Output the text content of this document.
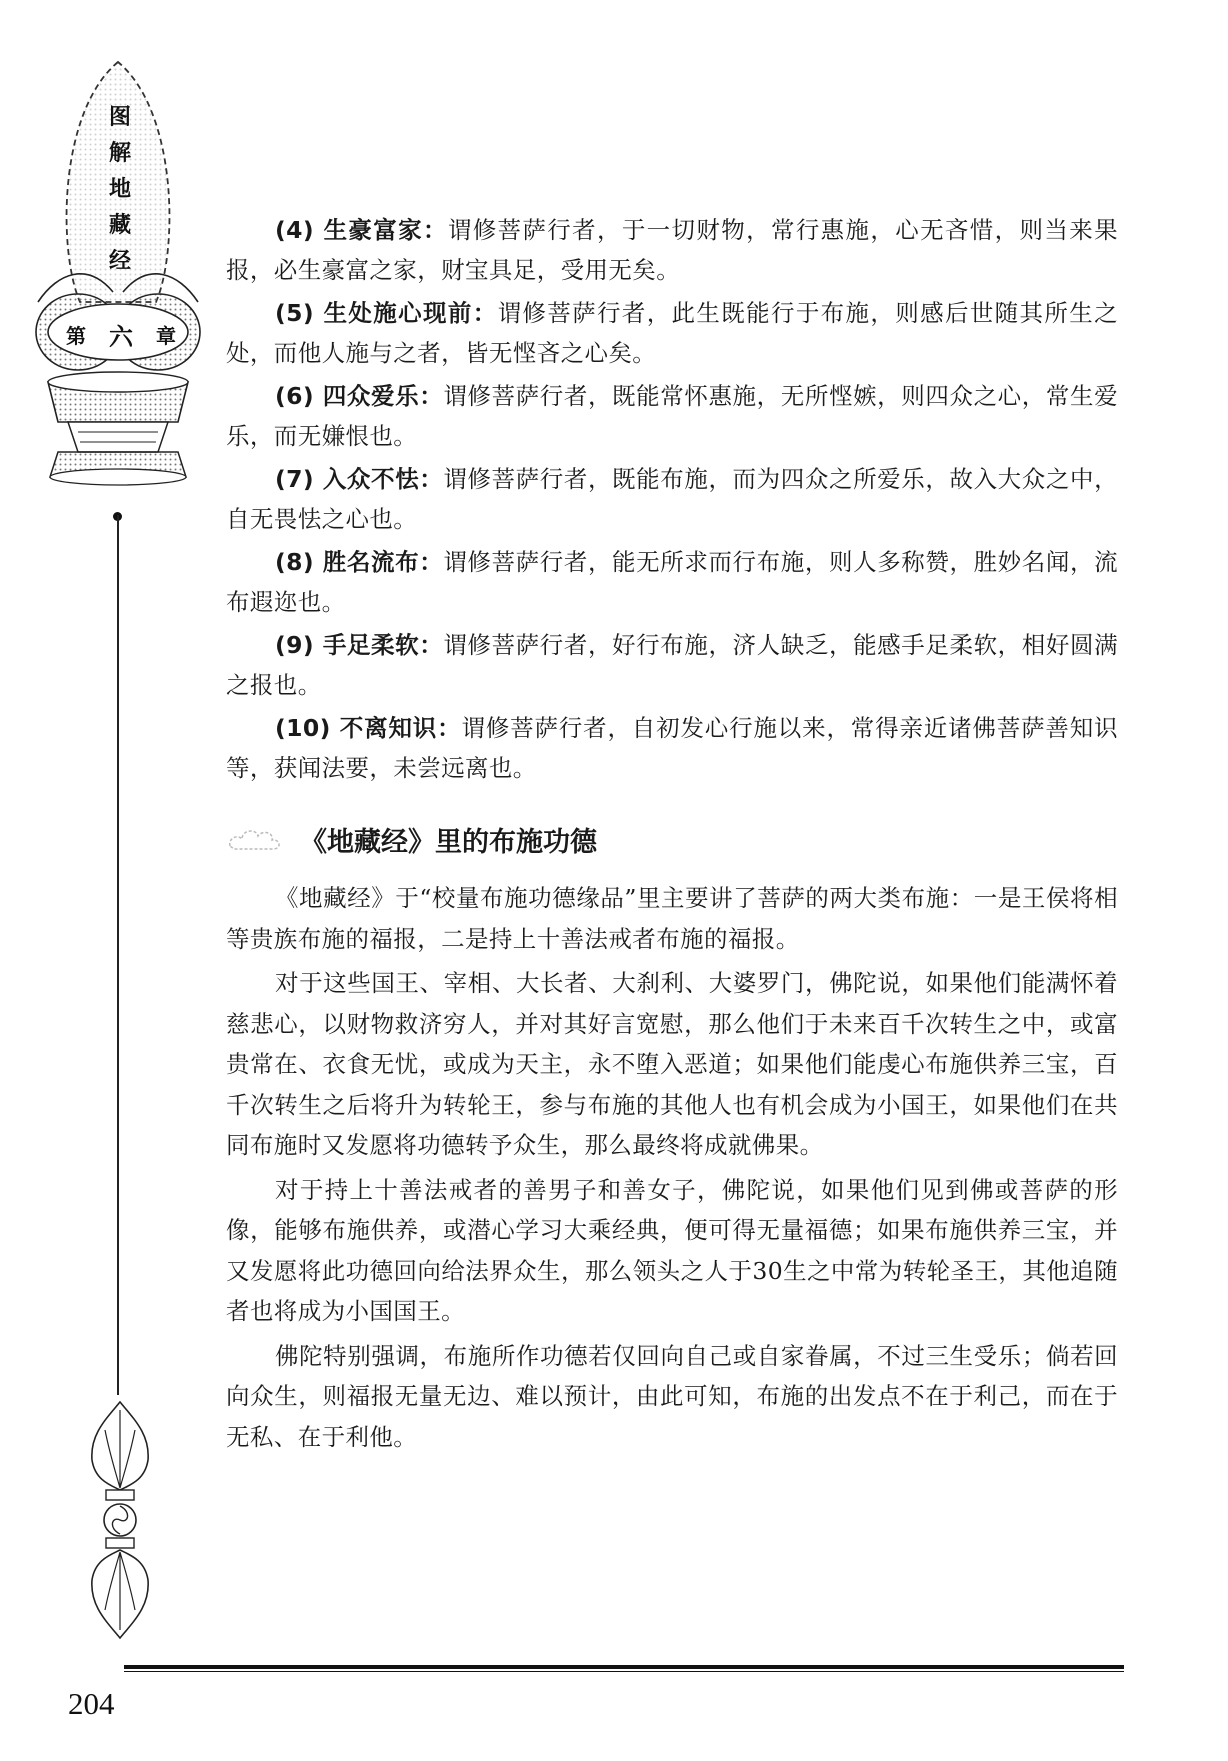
图
解
地
藏
经
第 六 章

(4) 生豪富家：谓修菩萨行者，于一切财物，常行惠施，心无吝惜，则当来果报，必生豪富之家，财宝具足，受用无矣。

(5) 生处施心现前：谓修菩萨行者，此生既能行于布施，则感后世随其所生之处，而他人施与之者，皆无悭吝之心矣。

(6) 四众爱乐：谓修菩萨行者，既能常怀惠施，无所悭嫉，则四众之心，常生爱乐，而无嫌恨也。

(7) 入众不怯：谓修菩萨行者，既能布施，而为四众之所爱乐，故入大众之中，自无畏怯之心也。

(8) 胜名流布：谓修菩萨行者，能无所求而行布施，则人多称赞，胜妙名闻，流布遐迩也。

(9) 手足柔软：谓修菩萨行者，好行布施，济人缺乏，能感手足柔软，相好圆满之报也。

(10) 不离知识：谓修菩萨行者，自初发心行施以来，常得亲近诸佛菩萨善知识等，获闻法要，未尝远离也。

《地藏经》里的布施功德

《地藏经》于“校量布施功德缘品”里主要讲了菩萨的两大类布施：一是王侯将相等贵族布施的福报，二是持上十善法戒者布施的福报。

对于这些国王、宰相、大长者、大刹利、大婆罗门，佛陀说，如果他们能满怀着慈悲心，以财物救济穷人，并对其好言宽慰，那么他们于未来百千次转生之中，或富贵常在、衣食无忧，或成为天主，永不堕入恶道；如果他们能虔心布施供养三宝，百千次转生之后将升为转轮王，参与布施的其他人也有机会成为小国王，如果他们在共同布施时又发愿将功德转予众生，那么最终将成就佛果。

对于持上十善法戒者的善男子和善女子，佛陀说，如果他们见到佛或菩萨的形像，能够布施供养，或潜心学习大乘经典，便可得无量福德；如果布施供养三宝，并又发愿将此功德回向给法界众生，那么领头之人于30生之中常为转轮圣王，其他追随者也将成为小国国王。

佛陀特别强调，布施所作功德若仅回向自己或自家眷属，不过三生受乐；倘若回向众生，则福报无量无边、难以预计，由此可知，布施的出发点不在于利己，而在于无私、在于利他。

204
